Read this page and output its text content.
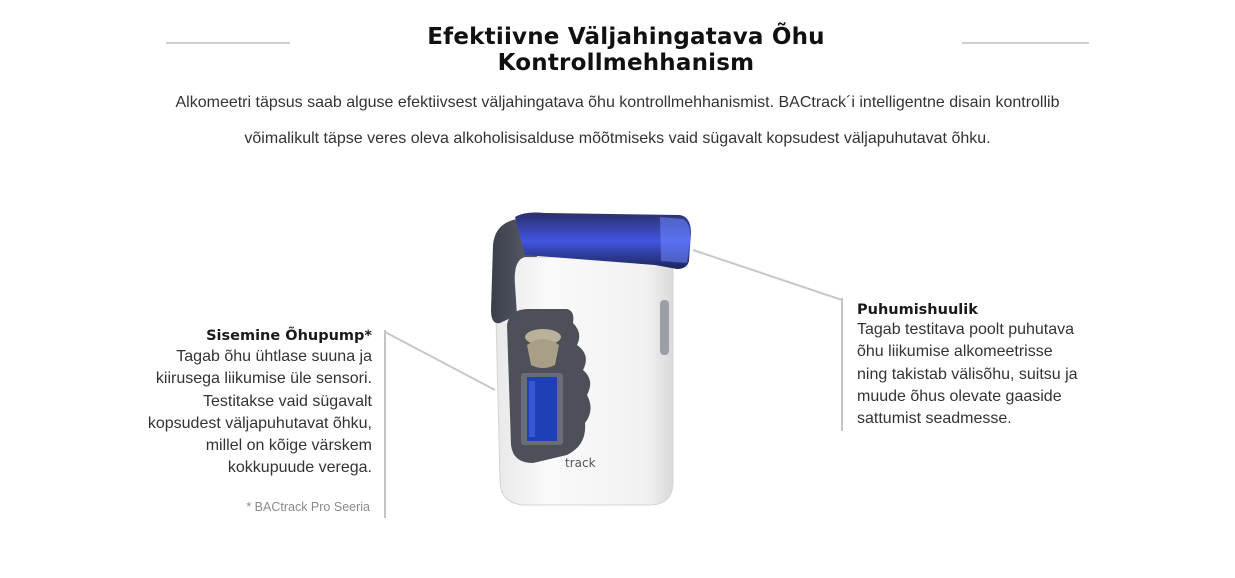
Efektiivne Väljahingatava Õhu Kontrollmehhanism
Alkomeetri täpsus saab alguse efektiivsest väljahingatava õhu kontrollmehhanismist. BACtrack´i intelligentne disain kontrollib
võimalikult täpse veres oleva alkoholisisalduse mõõtmiseks vaid sügavalt kopsudest väljapuhutavat õhku.
track
Sisemine Õhupump*
Tagab õhu ühtlase suuna ja
kiirusega liikumise üle sensori.
Testitakse vaid sügavalt
kopsudest väljapuhutavat õhku,
millel on kõige värskem
kokkupuude verega.
* BACtrack Pro Seeria
Puhumishuulik
Tagab testitava poolt puhutava
õhu liikumise alkomeetrisse
ning takistab välisõhu, suitsu ja
muude õhus olevate gaaside
sattumist seadmesse.
